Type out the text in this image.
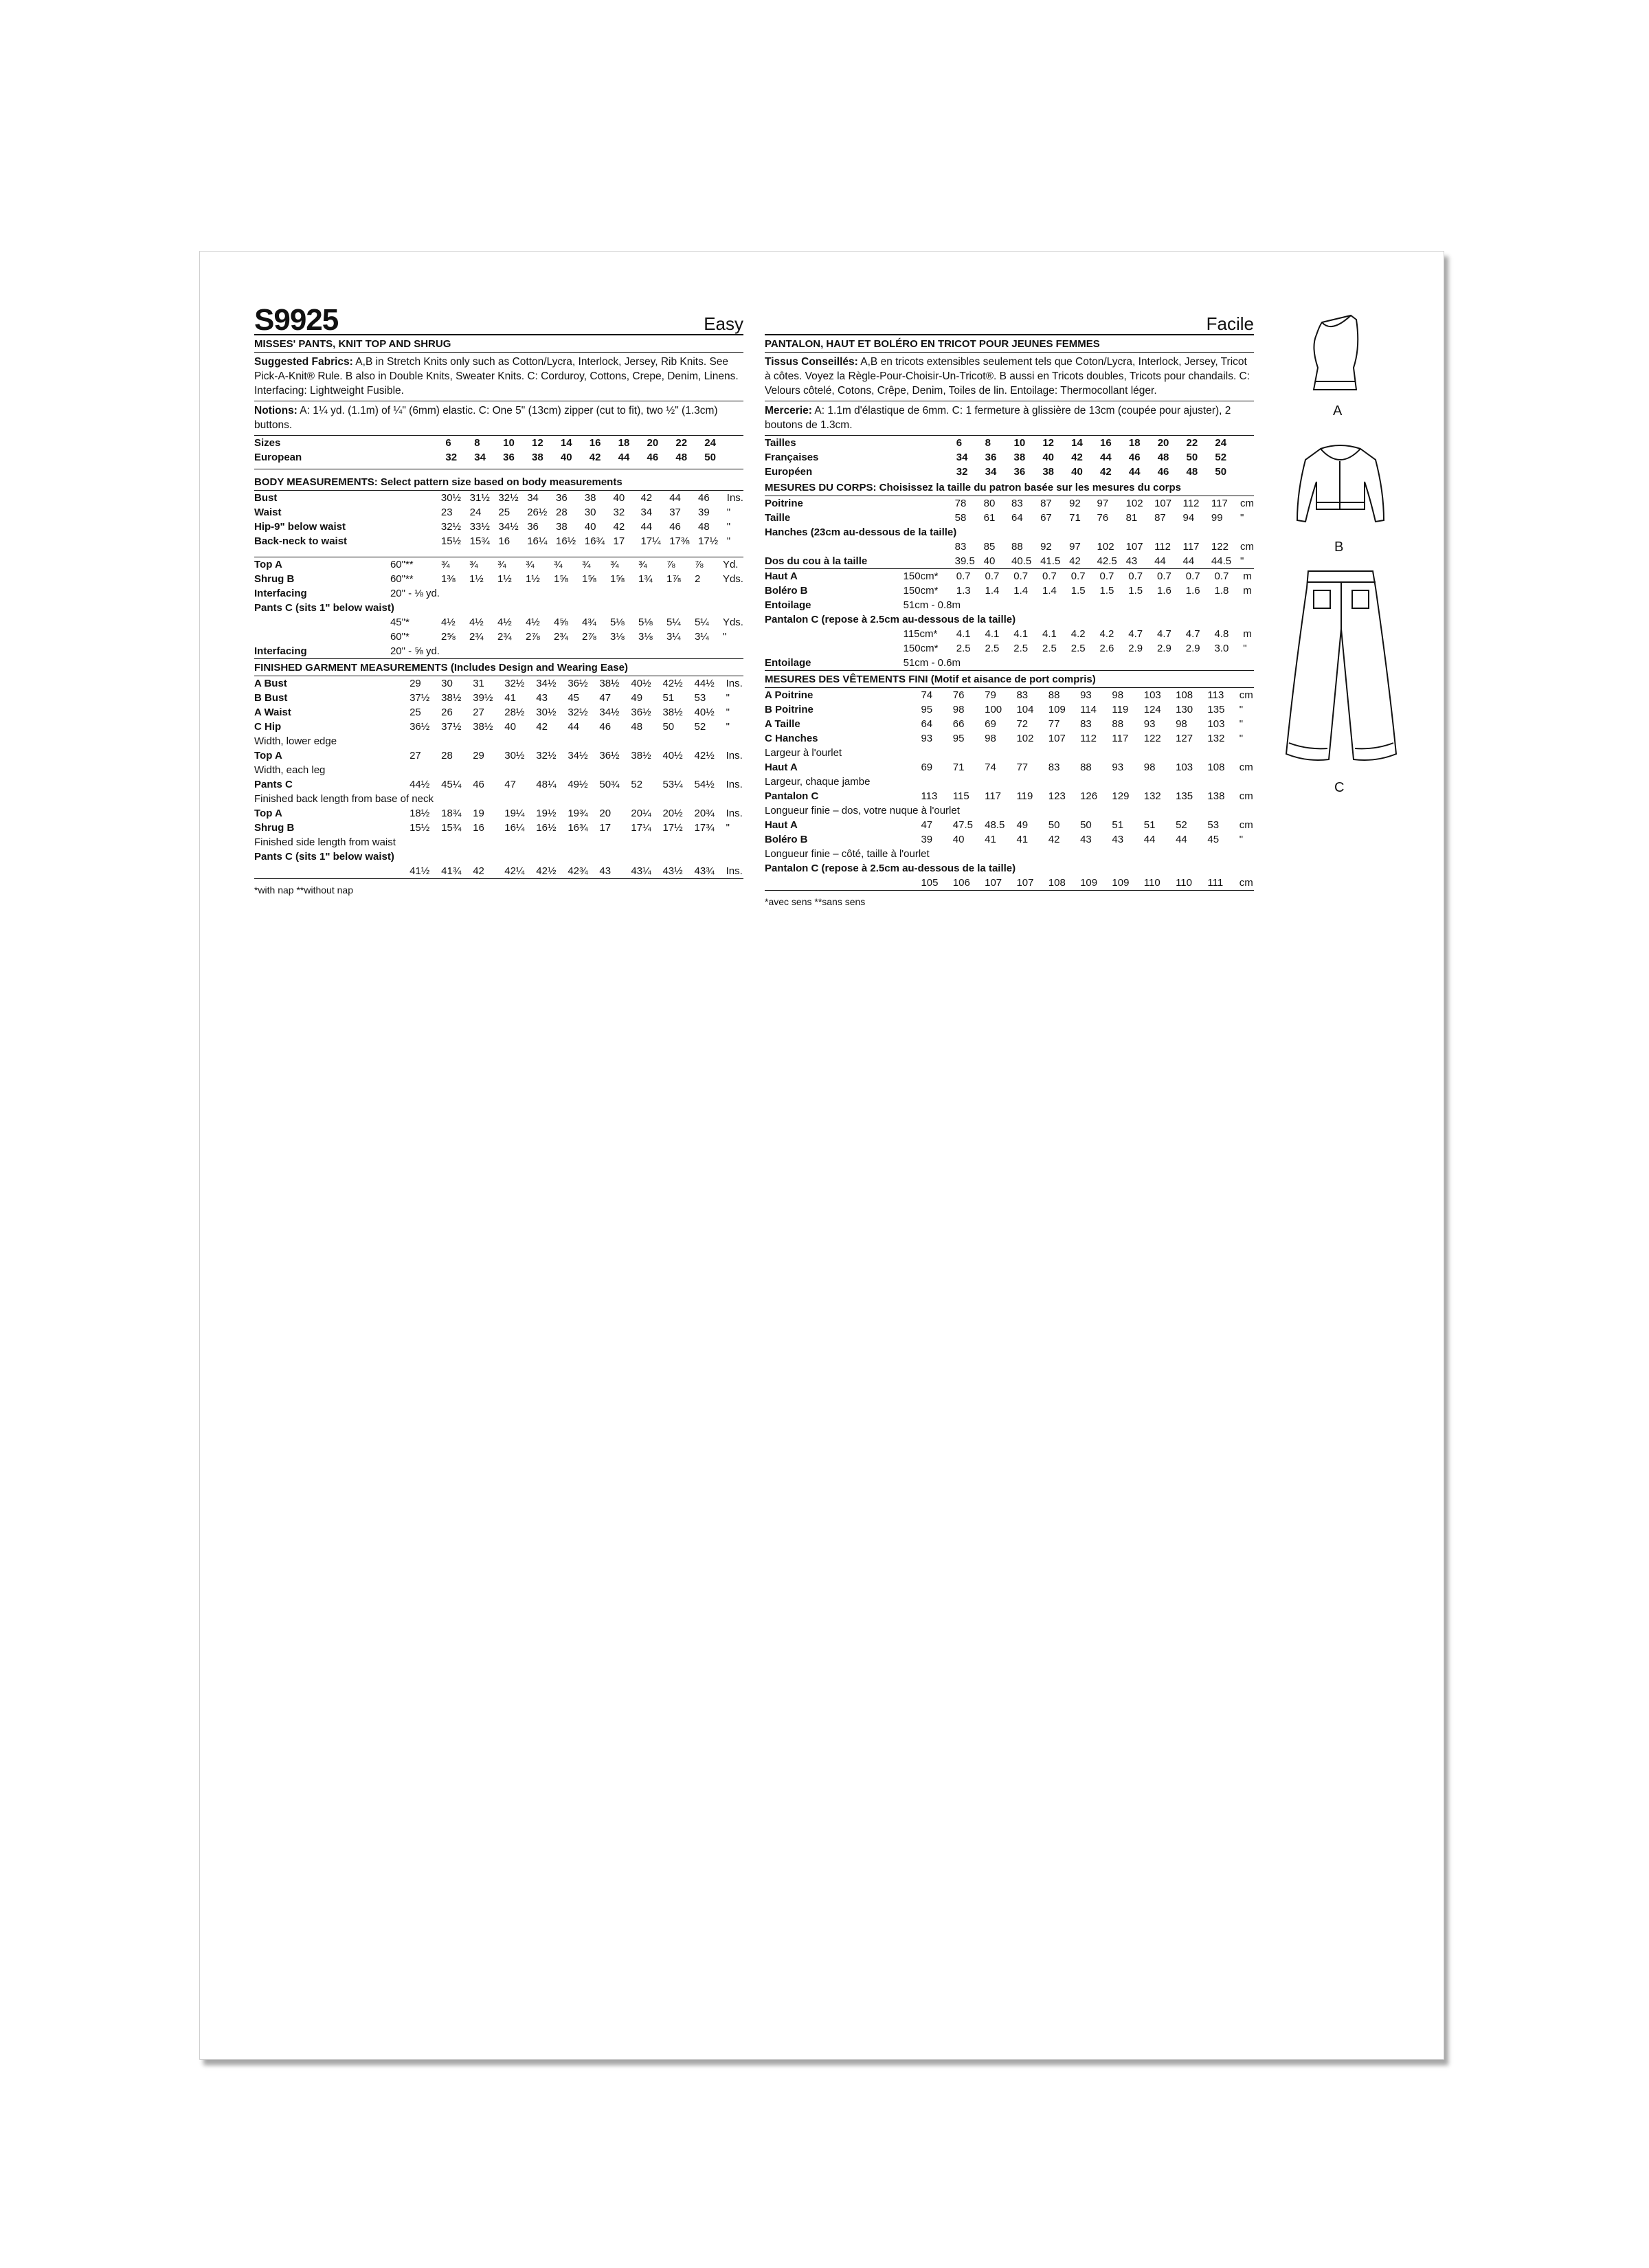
S9925	Easy
MISSES' PANTS, KNIT TOP AND SHRUG
Suggested Fabrics: A,B in Stretch Knits only such as Cotton/Lycra, Interlock, Jersey, Rib Knits. See Pick-A-Knit® Rule. B also in Double Knits, Sweater Knits. C: Corduroy, Cottons, Crepe, Denim, Linens. Interfacing: Lightweight Fusible.
Notions: A: 1¼ yd. (1.1m) of ¼" (6mm) elastic. C: One 5" (13cm) zipper (cut to fit), two ½" (1.3cm) buttons.
Sizes		6	8	10	12	14	16	18	20	22	24	
European		32	34	36	38	40	42	44	46	48	50	
BODY MEASUREMENTS: Select pattern size based on body measurements
Bust		30½	31½	32½	34	36	38	40	42	44	46	Ins.
Waist		23	24	25	26½	28	30	32	34	37	39	"
Hip-9" below waist		32½	33½	34½	36	38	40	42	44	46	48	"
Back-neck to waist		15½	15¾	16	16¼	16½	16¾	17	17¼	17⅜	17½	"
Top A	60"**	¾	¾	¾	¾	¾	¾	¾	¾	⅞	⅞	Yd.
Shrug B	60"**	1⅜	1½	1½	1½	1⅝	1⅝	1⅝	1¾	1⅞	2	Yds.
Interfacing	20" - ⅛ yd.											
Pants C (sits 1" below waist)												
	45"*	4½	4½	4½	4½	4⅝	4¾	5⅛	5⅛	5¼	5¼	Yds.
	60"*	2⅝	2¾	2¾	2⅞	2¾	2⅞	3⅛	3⅛	3¼	3¼	"
Interfacing	20" - ⅝ yd.											
FINISHED GARMENT MEASUREMENTS (Includes Design and Wearing Ease)
A Bust	29	30	31	32½	34½	36½	38½	40½	42½	44½	Ins.
B Bust	37½	38½	39½	41	43	45	47	49	51	53	"
A Waist	25	26	27	28½	30½	32½	34½	36½	38½	40½	"
C Hip	36½	37½	38½	40	42	44	46	48	50	52	"
Width, lower edge											
Top A	27	28	29	30½	32½	34½	36½	38½	40½	42½	Ins.
Width, each leg											
Pants C	44½	45¼	46	47	48¼	49½	50¾	52	53¼	54½	Ins.
Finished back length from base of neck											
Top A	18½	18¾	19	19¼	19½	19¾	20	20¼	20½	20¾	Ins.
Shrug B	15½	15¾	16	16¼	16½	16¾	17	17¼	17½	17¾	"
Finished side length from waist											
Pants C (sits 1" below waist)											
	41½	41¾	42	42¼	42½	42¾	43	43¼	43½	43¾	Ins.
*with nap **without nap
Facile
PANTALON, HAUT ET BOLÉRO EN TRICOT POUR JEUNES FEMMES
Tissus Conseillés: A,B en tricots extensibles seulement tels que Coton/Lycra, Interlock, Jersey, Tricot à côtes. Voyez la Règle-Pour-Choisir-Un-Tricot®. B aussi en Tricots doubles, Tricots pour chandails. C: Velours côtelé, Cotons, Crêpe, Denim, Toiles de lin. Entoilage: Thermocollant léger.
Mercerie: A: 1.1m d'élastique de 6mm. C: 1 fermeture à glissière de 13cm (coupée pour ajuster), 2 boutons de 1.3cm.
Tailles		6	8	10	12	14	16	18	20	22	24	
Françaises		34	36	38	40	42	44	46	48	50	52	
Européen		32	34	36	38	40	42	44	46	48	50	
MESURES DU CORPS: Choisissez la taille du patron basée sur les mesures du corps
Poitrine		78	80	83	87	92	97	102	107	112	117	cm
Taille		58	61	64	67	71	76	81	87	94	99	"
Hanches (23cm au-dessous de la taille)												
		83	85	88	92	97	102	107	112	117	122	cm
Dos du cou à la taille		39.5	40	40.5	41.5	42	42.5	43	44	44	44.5	"
Haut A	150cm*	0.7	0.7	0.7	0.7	0.7	0.7	0.7	0.7	0.7	0.7	m
Boléro B	150cm*	1.3	1.4	1.4	1.4	1.5	1.5	1.5	1.6	1.6	1.8	m
Entoilage	51cm - 0.8m											
Pantalon C (repose à 2.5cm au-dessous de la taille)												
	115cm*	4.1	4.1	4.1	4.1	4.2	4.2	4.7	4.7	4.7	4.8	m
	150cm*	2.5	2.5	2.5	2.5	2.5	2.6	2.9	2.9	2.9	3.0	"
Entoilage	51cm - 0.6m											
MESURES DES VÊTEMENTS FINI (Motif et aisance de port compris)
A Poitrine	74	76	79	83	88	93	98	103	108	113	cm
B Poitrine	95	98	100	104	109	114	119	124	130	135	"
A Taille	64	66	69	72	77	83	88	93	98	103	"
C Hanches	93	95	98	102	107	112	117	122	127	132	"
Largeur à l'ourlet											
Haut A	69	71	74	77	83	88	93	98	103	108	cm
Largeur, chaque jambe											
Pantalon C	113	115	117	119	123	126	129	132	135	138	cm
Longueur finie – dos, votre nuque à l'ourlet											
Haut A	47	47.5	48.5	49	50	50	51	51	52	53	cm
Boléro B	39	40	41	41	42	43	43	44	44	45	"
Longueur finie – côté, taille à l'ourlet											
Pantalon C (repose à 2.5cm au-dessous de la taille)											
	105	106	107	107	108	109	109	110	110	111	cm
*avec sens **sans sens
A
B
C
